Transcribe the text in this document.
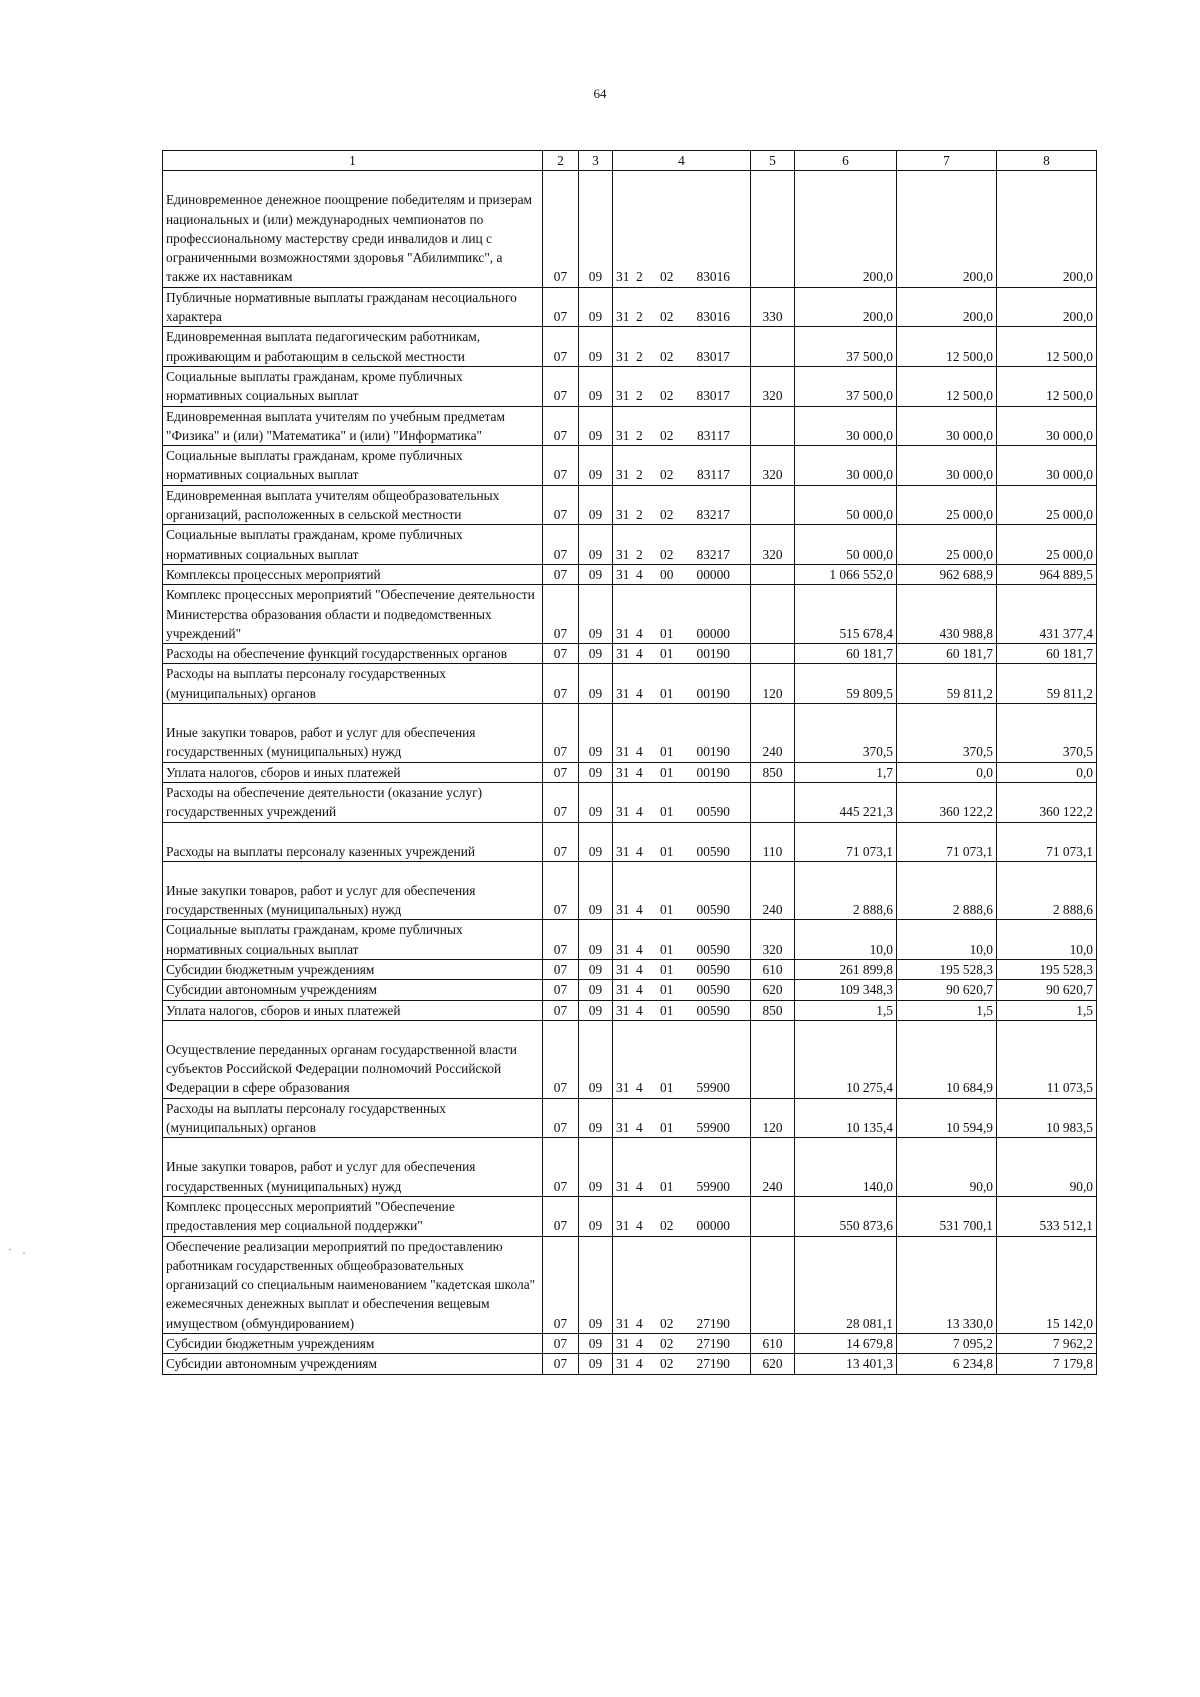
64
1	2	3	4	5	6	7	8

Единовременное денежное поощрение победителям и призерам национальных и (или) международных чемпионатов по профессиональному мастерству среди инвалидов и лиц с ограниченными возможностями здоровья "Абилимпикс", а также их наставникам	07	09	31 2 02 83016		200,0	200,0	200,0
Публичные нормативные выплаты гражданам несоциального характера	07	09	31 2 02 83016	330	200,0	200,0	200,0
Единовременная выплата педагогическим работникам, проживающим и работающим в сельской местности	07	09	31 2 02 83017		37 500,0	12 500,0	12 500,0
Социальные выплаты гражданам, кроме публичных нормативных социальных выплат	07	09	31 2 02 83017	320	37 500,0	12 500,0	12 500,0
Единовременная выплата учителям по учебным предметам "Физика" и (или) "Математика" и (или) "Информатика"	07	09	31 2 02 83117		30 000,0	30 000,0	30 000,0
Социальные выплаты гражданам, кроме публичных нормативных социальных выплат	07	09	31 2 02 83117	320	30 000,0	30 000,0	30 000,0
Единовременная выплата учителям общеобразовательных организаций, расположенных в сельской местности	07	09	31 2 02 83217		50 000,0	25 000,0	25 000,0
Социальные выплаты гражданам, кроме публичных нормативных социальных выплат	07	09	31 2 02 83217	320	50 000,0	25 000,0	25 000,0
Комплексы процессных мероприятий	07	09	31 4 00 00000		1 066 552,0	962 688,9	964 889,5
Комплекс процессных мероприятий "Обеспечение деятельности Министерства образования области и подведомственных учреждений"	07	09	31 4 01 00000		515 678,4	430 988,8	431 377,4
Расходы на обеспечение функций государственных органов	07	09	31 4 01 00190		60 181,7	60 181,7	60 181,7
Расходы на выплаты персоналу государственных (муниципальных) органов	07	09	31 4 01 00190	120	59 809,5	59 811,2	59 811,2

Иные закупки товаров, работ и услуг для обеспечения государственных (муниципальных) нужд	07	09	31 4 01 00190	240	370,5	370,5	370,5
Уплата налогов, сборов и иных платежей	07	09	31 4 01 00190	850	1,7	0,0	0,0
Расходы на обеспечение деятельности (оказание услуг) государственных учреждений	07	09	31 4 01 00590		445 221,3	360 122,2	360 122,2

Расходы на выплаты персоналу казенных учреждений	07	09	31 4 01 00590	110	71 073,1	71 073,1	71 073,1

Иные закупки товаров, работ и услуг для обеспечения государственных (муниципальных) нужд	07	09	31 4 01 00590	240	2 888,6	2 888,6	2 888,6
Социальные выплаты гражданам, кроме публичных нормативных социальных выплат	07	09	31 4 01 00590	320	10,0	10,0	10,0
Субсидии бюджетным учреждениям	07	09	31 4 01 00590	610	261 899,8	195 528,3	195 528,3
Субсидии автономным учреждениям	07	09	31 4 01 00590	620	109 348,3	90 620,7	90 620,7
Уплата налогов, сборов и иных платежей	07	09	31 4 01 00590	850	1,5	1,5	1,5

Осуществление переданных органам государственной власти субъектов Российской Федерации полномочий Российской Федерации в сфере образования	07	09	31 4 01 59900		10 275,4	10 684,9	11 073,5
Расходы на выплаты персоналу государственных (муниципальных) органов	07	09	31 4 01 59900	120	10 135,4	10 594,9	10 983,5

Иные закупки товаров, работ и услуг для обеспечения государственных (муниципальных) нужд	07	09	31 4 01 59900	240	140,0	90,0	90,0
Комплекс процессных мероприятий "Обеспечение предоставления мер социальной поддержки"	07	09	31 4 02 00000		550 873,6	531 700,1	533 512,1
Обеспечение реализации мероприятий по предоставлению работникам государственных общеобразовательных организаций со специальным наименованием "кадетская школа" ежемесячных денежных выплат и обеспечения вещевым имуществом (обмундированием)	07	09	31 4 02 27190		28 081,1	13 330,0	15 142,0
Субсидии бюджетным учреждениям	07	09	31 4 02 27190	610	14 679,8	7 095,2	7 962,2
Субсидии автономным учреждениям	07	09	31 4 02 27190	620	13 401,3	6 234,8	7 179,8
· ·
